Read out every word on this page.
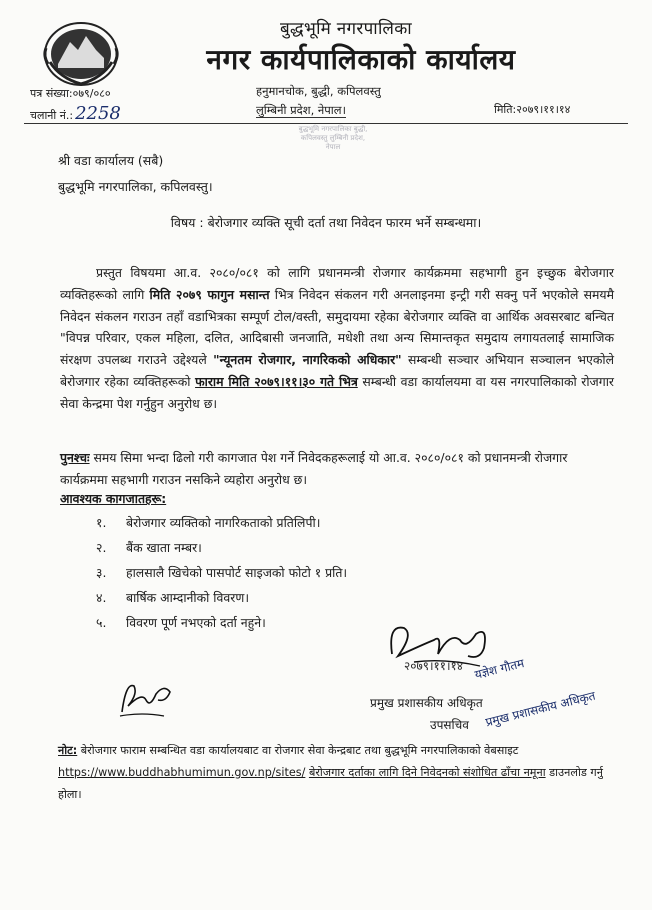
बुद्धभूमि नगरपालिका
नगर कार्यपालिकाको कार्यालय
पत्र संख्या:०७९/०८०
चलानी नं.: 2258
हनुमानचोक, बुद्धी, कपिलवस्तु
लुम्बिनी प्रदेश, नेपाल।	मिति:२०७९।११।१४
बुद्धभूमि नगरपालिका बुद्धी, कपिलवस्तु लुम्बिनी प्रदेश, नेपाल
श्री वडा कार्यालय (सबै)
बुद्धभूमि नगरपालिका, कपिलवस्तु।
विषय : बेरोजगार व्यक्ति सूची दर्ता तथा निवेदन फारम भर्ने सम्बन्धमा।

प्रस्तुत विषयमा आ.व. २०८०/०८१ को लागि प्रधानमन्त्री रोजगार कार्यक्रममा सहभागी हुन इच्छुक बेरोजगार व्यक्तिहरूको लागि मिति २०७९ फागुन मसान्त भित्र निवेदन संकलन गरी अनलाइनमा इन्ट्री गरी सक्नु पर्ने भएकोले समयमै निवेदन संकलन गराउन तहाँ वडाभित्रका सम्पूर्ण टोल/वस्ती, समुदायमा रहेका बेरोजगार व्यक्ति वा आर्थिक अवसरबाट बन्चित "विपन्न परिवार, एकल महिला, दलित, आदिबासी जनजाति, मधेशी तथा अन्य सिमान्तकृत समुदाय लगायतलाई सामाजिक संरक्षण उपलब्ध गराउने उद्देश्यले "न्यूनतम रोजगार, नागरिकको अधिकार" सम्बन्धी सञ्चार अभियान सञ्चालन भएकोले बेरोजगार रहेका व्यक्तिहरूको फाराम मिति २०७९।११।३० गते भित्र सम्बन्धी वडा कार्यालयमा वा यस नगरपालिकाको रोजगार सेवा केन्द्रमा पेश गर्नुहुन अनुरोध छ।

पुनश्चः समय सिमा भन्दा ढिलो गरी कागजात पेश गर्ने निवेदकहरूलाई यो आ.व. २०८०/०८१ को प्रधानमन्त्री रोजगार कार्यक्रममा सहभागी गराउन नसकिने व्यहोरा अनुरोध छ।
आवश्यक कागजातहरू:
१. बेरोजगार व्यक्तिको नागरिकताको प्रतिलिपी।
२. बैंक खाता नम्बर।
३. हालसालै खिचेको पासपोर्ट साइजको फोटो १ प्रति।
४. बार्षिक आम्दानीको विवरण।
५. विवरण पूर्ण नभएको दर्ता नहुने।
२०७९।११।१४ यज्ञेश गौतम
प्रमुख प्रशासकीय अधिकृत
उपसचिव प्रमुख प्रशासकीय अधिकृत
नोट: बेरोजगार फाराम सम्बन्धित वडा कार्यालयबाट वा रोजगार सेवा केन्द्रबाट तथा बुद्धभूमि नगरपालिकाको वेबसाइट https://www.buddhabhumimun.gov.np/sites/ बेरोजगार दर्ताका लागि दिने निवेदनको संशोधित ढाँचा नमूना डाउनलोड गर्नु होला।
